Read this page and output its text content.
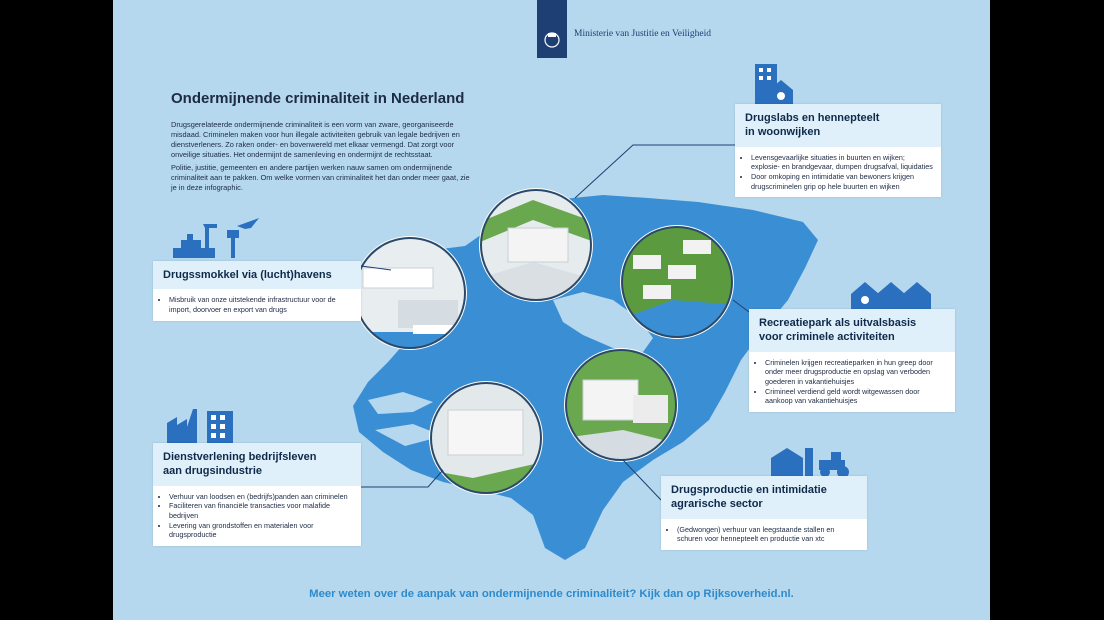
Ministerie van Justitie en Veiligheid
Ondermijnende criminaliteit in Nederland

Drugsgerelateerde ondermijnende criminaliteit is een vorm van zware, georganiseerde misdaad. Criminelen maken voor hun illegale activiteiten gebruik van legale bedrijven en dienstverleners. Zo raken onder- en bovenwereld met elkaar vermengd. Dat zorgt voor onveilige situaties. Het ondermijnt de samenleving en ondermijnt de rechtsstaat.

Politie, justitie, gemeenten en andere partijen werken nauw samen om ondermijnende criminaliteit aan te pakken. Om welke vormen van criminaliteit het dan onder meer gaat, zie je in deze infographic.

Drugssmokkel via (lucht)havens
• Misbruik van onze uitstekende infrastructuur voor de import, doorvoer en export van drugs
Dienstverlening bedrijfsleven
aan drugsindustrie
• Verhuur van loodsen en (bedrijfs)panden aan criminelen
• Faciliteren van financiële transacties voor malafide bedrijven
• Levering van grondstoffen en materialen voor drugsproductie
Drugslabs en hennepteelt
in woonwijken
• Levensgevaarlijke situaties in buurten en wijken; explosie- en brandgevaar, dumpen drugsafval, liquidaties
• Door omkoping en intimidatie van bewoners krijgen drugscriminelen grip op hele buurten en wijken
Recreatiepark als uitvalsbasis
voor criminele activiteiten
• Criminelen krijgen recreatieparken in hun greep door onder meer drugsproductie en opslag van verboden goederen in vakantiehuisjes
• Crimineel verdiend geld wordt witgewassen door aankoop van vakantiehuisjes
Drugsproductie en intimidatie
agrarische sector
• (Gedwongen) verhuur van leegstaande stallen en schuren voor hennepteelt en productie van xtc
Meer weten over de aanpak van ondermijnende criminaliteit? Kijk dan op Rijksoverheid.nl.
